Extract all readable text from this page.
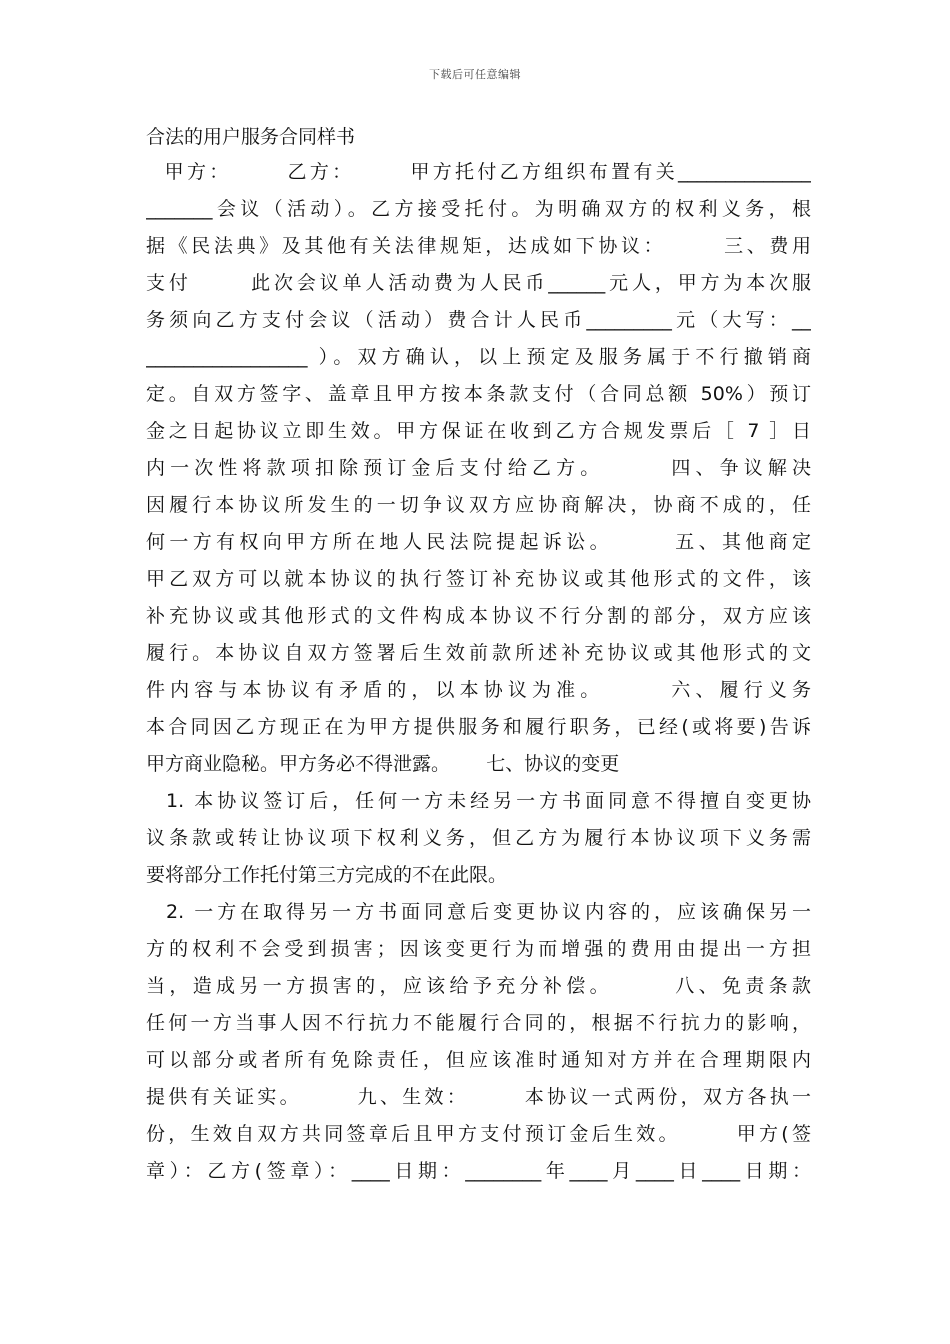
下载后可任意编辑
合法的用户服务合同样书
甲方：      乙方：      甲方托付乙方组织布置有关______________
_______会议（活动）。乙方接受托付。为明确双方的权利义务，根
据《民法典》及其他有关法律规矩，达成如下协议：      三、费用
支付      此次会议单人活动费为人民币______元人，甲方为本次服
务须向乙方支付会议（活动）费合计人民币_________元（大写：__
_________________ ）。双方确认，以上预定及服务属于不行撤销商
定。自双方签字、盖章且甲方按本条款支付（合同总额 50%）预订
金之日起协议立即生效。甲方保证在收到乙方合规发票后［ 7 ］日
内一次性将款项扣除预订金后支付给乙方。      四、争议解决
因履行本协议所发生的一切争议双方应协商解决，协商不成的，任
何一方有权向甲方所在地人民法院提起诉讼。      五、其他商定
甲乙双方可以就本协议的执行签订补充协议或其他形式的文件，该
补充协议或其他形式的文件构成本协议不行分割的部分，双方应该
履行。本协议自双方签署后生效前款所述补充协议或其他形式的文
件内容与本协议有矛盾的，以本协议为准。      六、履行义务
本合同因乙方现正在为甲方提供服务和履行职务，已经(或将要)告诉
甲方商业隐秘。甲方务必不得泄露。      七、协议的变更
1. 本协议签订后，任何一方未经另一方书面同意不得擅自变更协
议条款或转让协议项下权利义务，但乙方为履行本协议项下义务需
要将部分工作托付第三方完成的不在此限。
2. 一方在取得另一方书面同意后变更协议内容的，应该确保另一
方的权利不会受到损害；因该变更行为而增强的费用由提出一方担
当，造成另一方损害的，应该给予充分补偿。      八、免责条款
任何一方当事人因不行抗力不能履行合同的，根据不行抗力的影响，
可以部分或者所有免除责任，但应该准时通知对方并在合理期限内
提供有关证实。      九、生效：      本协议一式两份，双方各执一
份，生效自双方共同签章后且甲方支付预订金后生效。      甲方(签
章）：乙方(签章）：____日期：________年____月____日____日期：
